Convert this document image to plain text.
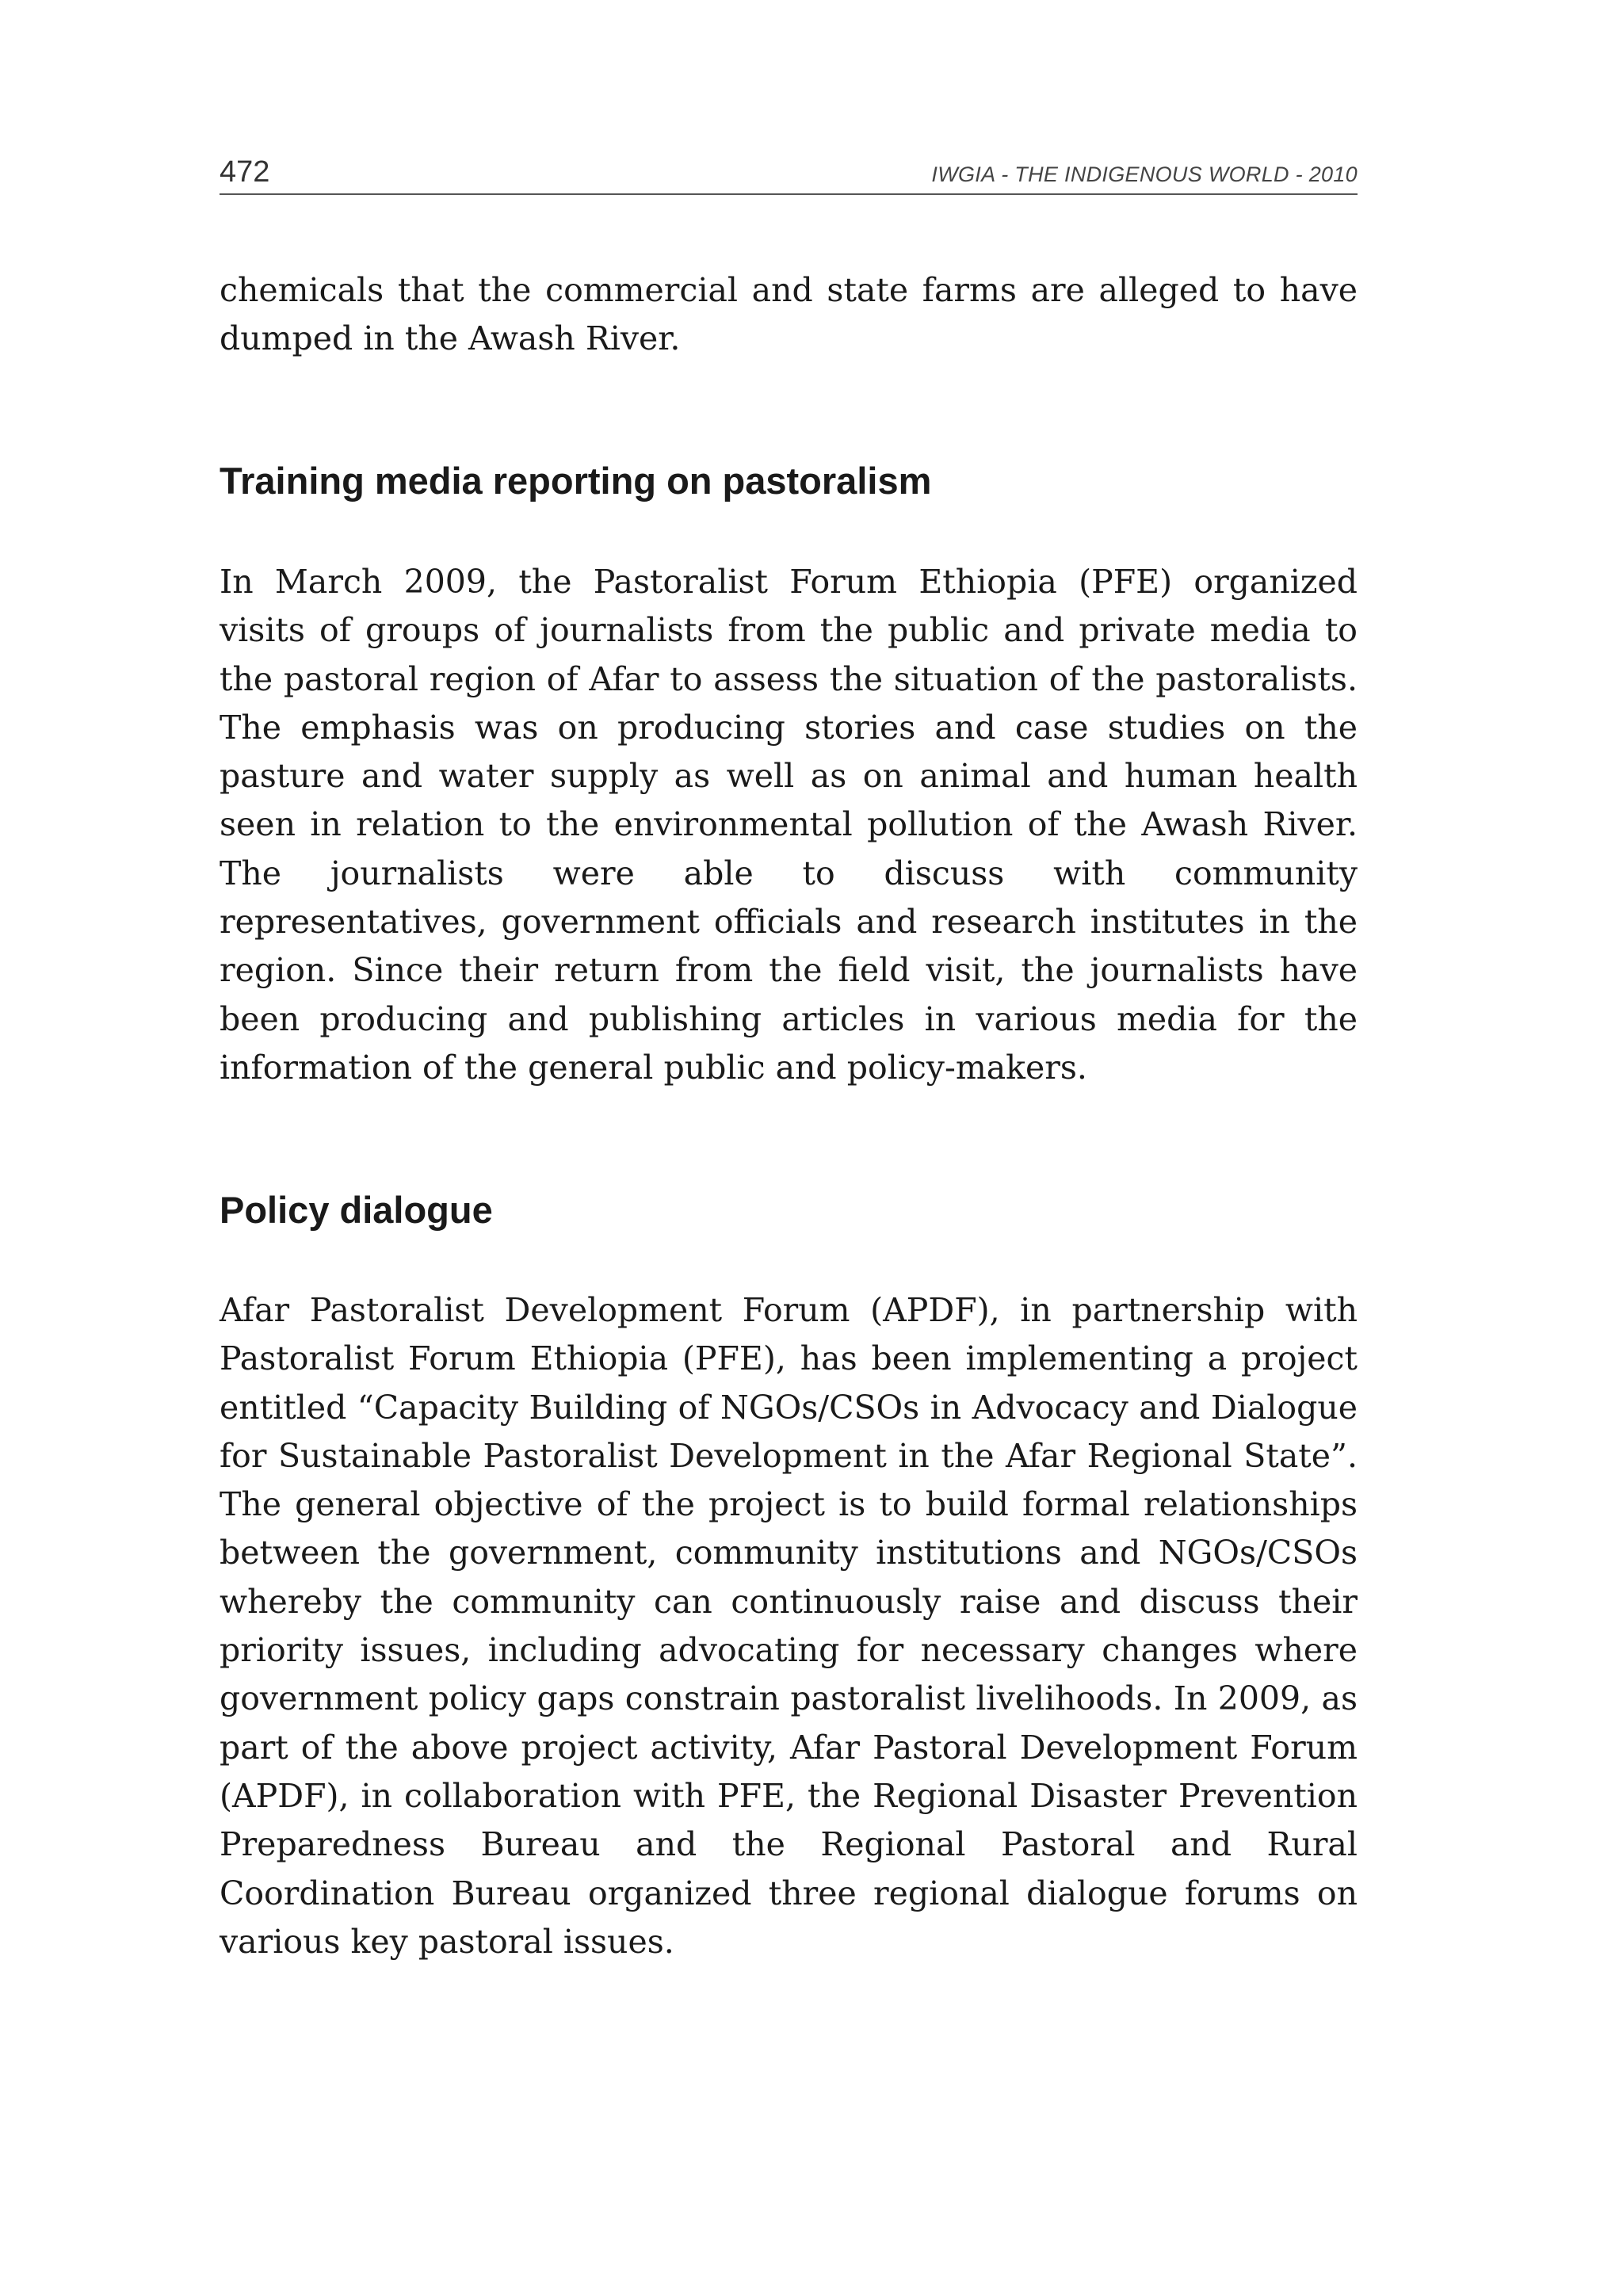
472	IWGIA - THE INDIGENOUS WORLD - 2010

chemicals that the commercial and state farms are alleged to have dumped in the Awash River.

Training media reporting on pastoralism

In March 2009, the Pastoralist Forum Ethiopia (PFE) organized visits of groups of journalists from the public and private media to the pastoral region of Afar to assess the situation of the pastoralists. The emphasis was on producing stories and case studies on the pasture and water supply as well as on animal and human health seen in relation to the environmental pollution of the Awash River. The journalists were able to discuss with community representatives, government officials and research institutes in the region. Since their return from the field visit, the journalists have been producing and publishing articles in various media for the information of the general public and policy-makers.

Policy dialogue

Afar Pastoralist Development Forum (APDF), in partnership with Pastoralist Forum Ethiopia (PFE), has been implementing a project entitled “Capacity Building of NGOs/CSOs in Advocacy and Dialogue for Sustainable Pastoralist Development in the Afar Regional State”. The general objective of the project is to build formal relationships between the government, community institutions and NGOs/CSOs whereby the community can continuously raise and discuss their priority issues, including advocating for necessary changes where government policy gaps constrain pastoralist livelihoods. In 2009, as part of the above project activity, Afar Pastoral Development Forum (APDF), in collaboration with PFE, the Regional Disaster Prevention Preparedness Bureau and the Regional Pastoral and Rural Coordination Bureau organized three regional dialogue forums on various key pastoral issues.
